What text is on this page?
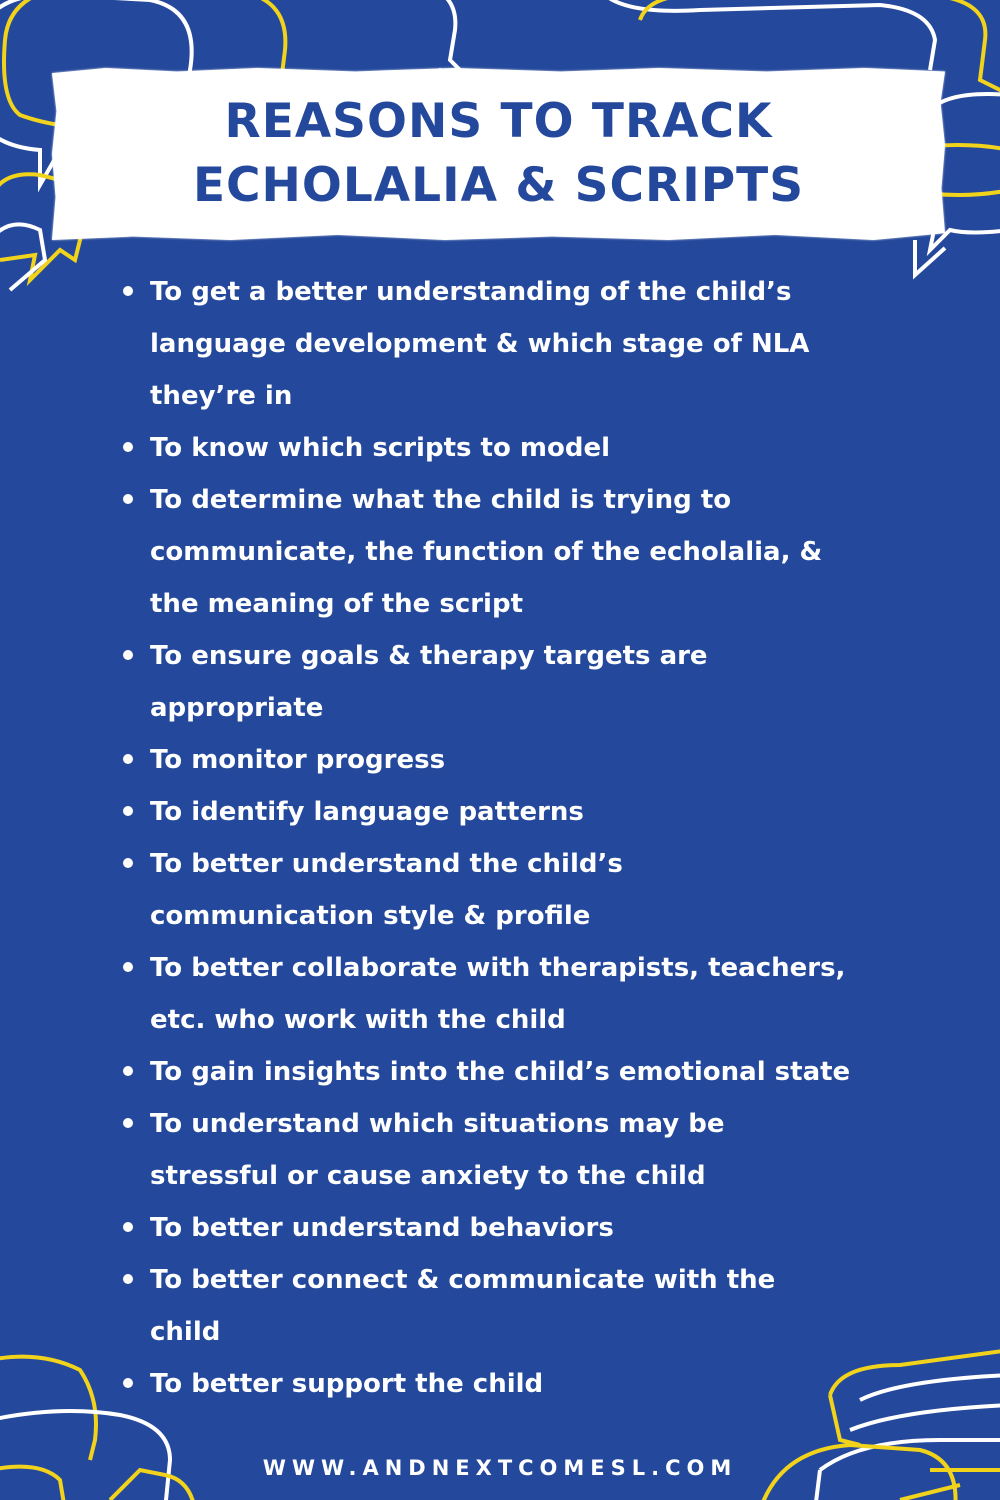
REASONS TO TRACK
ECHOLALIA & SCRIPTS
To get a better understanding of the child’s
language development & which stage of NLA
they’re in
To know which scripts to model
To determine what the child is trying to
communicate, the function of the echolalia, &
the meaning of the script
To ensure goals & therapy targets are
appropriate
To monitor progress
To identify language patterns
To better understand the child’s
communication style & profile
To better collaborate with therapists, teachers,
etc. who work with the child
To gain insights into the child’s emotional state
To understand which situations may be
stressful or cause anxiety to the child
To better understand behaviors
To better connect & communicate with the
child
To better support the child
WWW.ANDNEXTCOMESL.COM
